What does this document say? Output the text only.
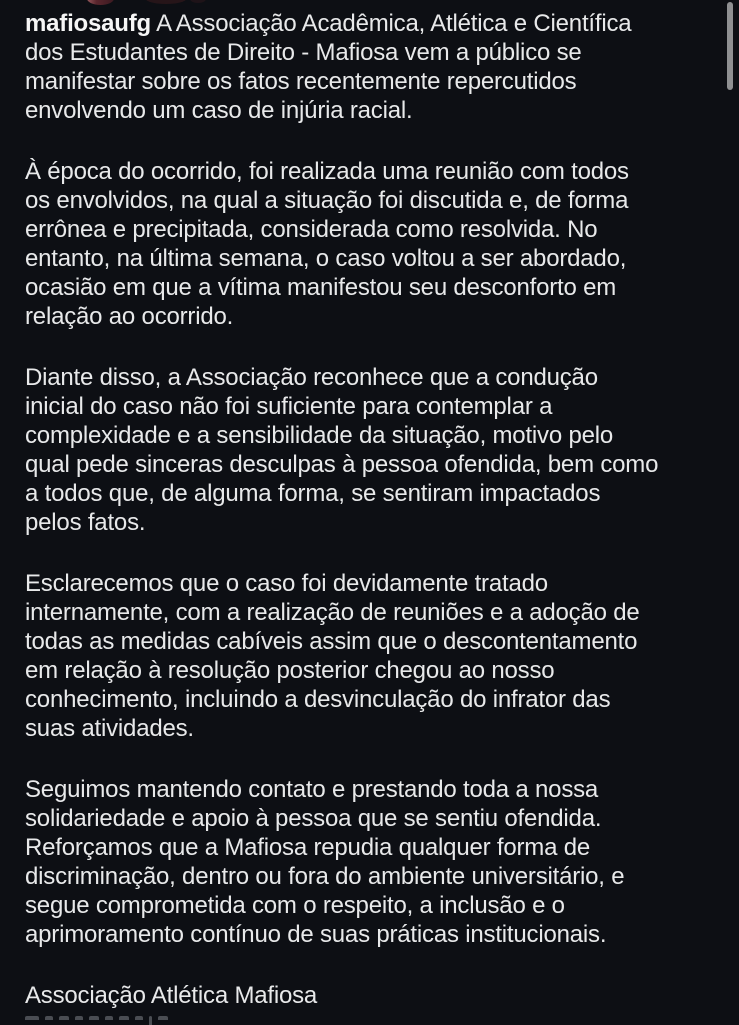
mafiosaufg A Associação Acadêmica, Atlética e Científica
dos Estudantes de Direito - Mafiosa vem a público se
manifestar sobre os fatos recentemente repercutidos
envolvendo um caso de injúria racial.
À época do ocorrido, foi realizada uma reunião com todos
os envolvidos, na qual a situação foi discutida e, de forma
errônea e precipitada, considerada como resolvida. No
entanto, na última semana, o caso voltou a ser abordado,
ocasião em que a vítima manifestou seu desconforto em
relação ao ocorrido.
Diante disso, a Associação reconhece que a condução
inicial do caso não foi suficiente para contemplar a
complexidade e a sensibilidade da situação, motivo pelo
qual pede sinceras desculpas à pessoa ofendida, bem como
a todos que, de alguma forma, se sentiram impactados
pelos fatos.
Esclarecemos que o caso foi devidamente tratado
internamente, com a realização de reuniões e a adoção de
todas as medidas cabíveis assim que o descontentamento
em relação à resolução posterior chegou ao nosso
conhecimento, incluindo a desvinculação do infrator das
suas atividades.
Seguimos mantendo contato e prestando toda a nossa
solidariedade e apoio à pessoa que se sentiu ofendida.
Reforçamos que a Mafiosa repudia qualquer forma de
discriminação, dentro ou fora do ambiente universitário, e
segue comprometida com o respeito, a inclusão e o
aprimoramento contínuo de suas práticas institucionais.
Associação Atlética Mafiosa
